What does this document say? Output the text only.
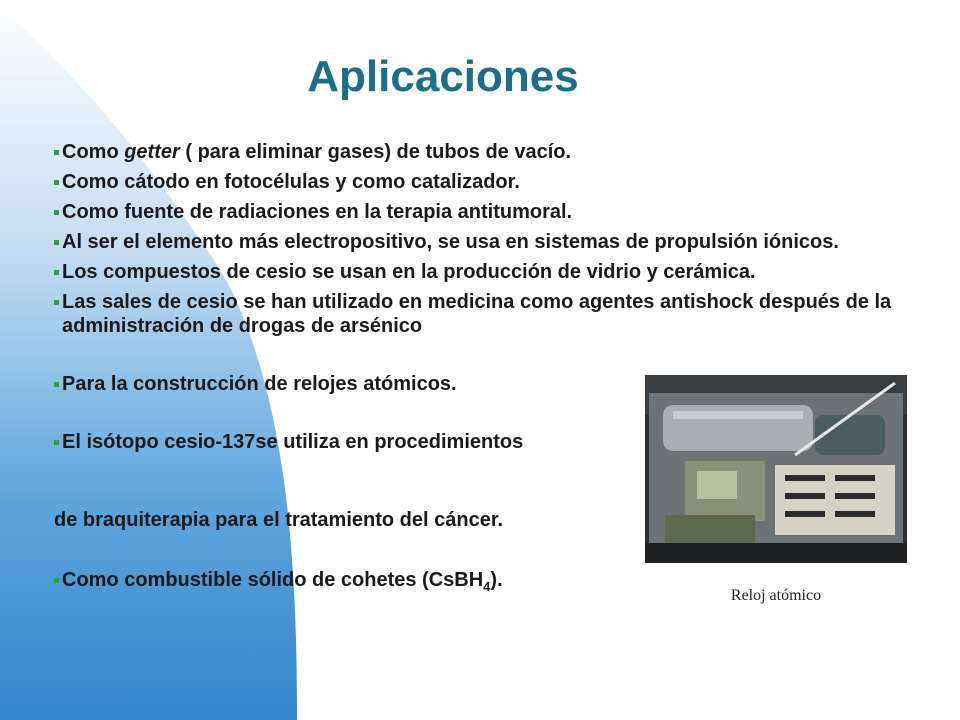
Aplicaciones
Como getter ( para eliminar gases) de tubos de vacío.
Como cátodo en fotocélulas y como catalizador.
Como fuente de radiaciones en la terapia antitumoral.
Al ser el elemento más electropositivo, se usa en sistemas de propulsión iónicos.
Los compuestos de cesio se usan en la producción de vidrio y cerámica.
Las sales de cesio se han utilizado en medicina como agentes antishock después de la administración de drogas de arsénico
Para la construcción de relojes atómicos.
El isótopo cesio-137se utiliza en procedimientos
de braquiterapia para el tratamiento del cáncer.
Como combustible sólido de cohetes (CsBH$_4$).
Reloj atómico
